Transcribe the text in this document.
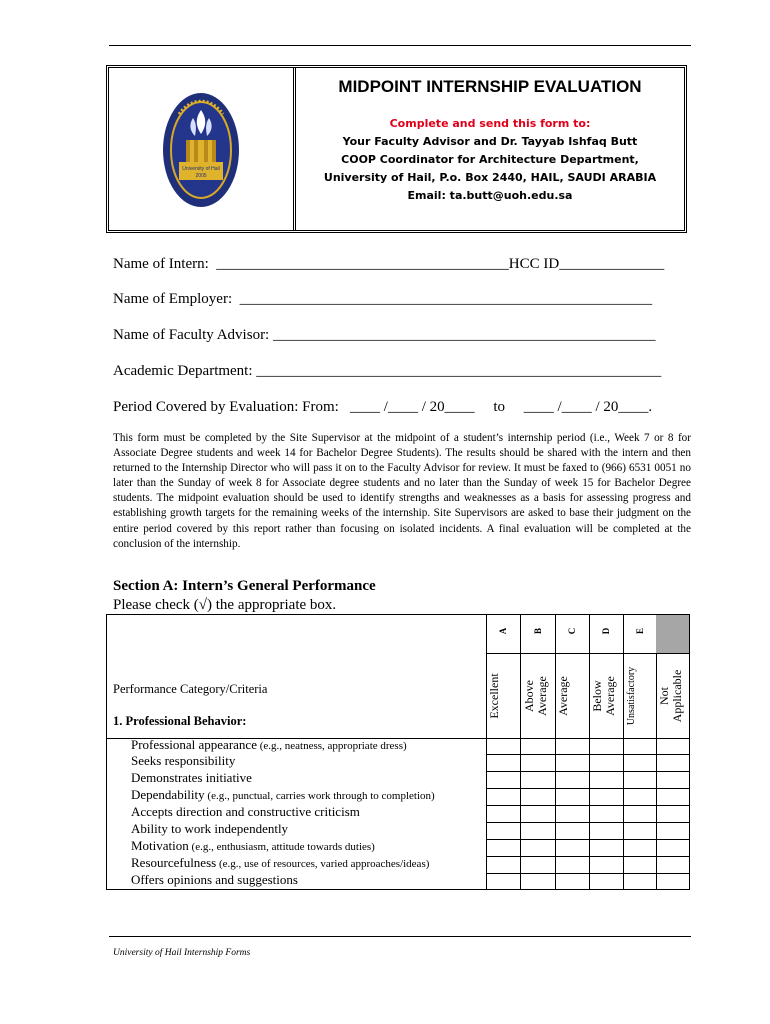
University of Hail
2005
MIDPOINT INTERNSHIP EVALUATION
Complete and send this form to:
Your Faculty Advisor and Dr. Tayyab Ishfaq Butt
COOP Coordinator for Architecture Department,
University of Hail, P.o. Box 2440, HAIL, SAUDI ARABIA
Email: ta.butt@uoh.edu.sa
Name of Intern:  _______________________________________HCC ID______________
Name of Employer:  _______________________________________________________
Name of Faculty Advisor: ___________________________________________________
Academic Department: ______________________________________________________
Period Covered by Evaluation: From:   ____ /____ / 20____     to     ____ /____ / 20____.
This form must be completed by the Site Supervisor at the midpoint of a student’s internship period (i.e., Week 7 or 8 for Associate Degree students and week 14 for Bachelor Degree Students). The results should be shared with the intern and then returned to the Internship Director who will pass it on to the Faculty Advisor for review. It must be faxed to (966) 6531 0051 no later than the Sunday of week 8 for Associate degree students and no later than the Sunday of week 15 for Bachelor Degree students. The midpoint evaluation should be used to identify strengths and weaknesses as a basis for assessing progress and establishing growth targets for the remaining weeks of the internship. Site Supervisors are asked to base their judgment on the entire period covered by this report rather than focusing on isolated incidents. A final evaluation will be completed at the conclusion of the internship.
Section A: Intern’s General Performance
Please check (√) the appropriate box.
Performance Category/Criteria
1. Professional Behavior:
A
Excellent
B
Above
Average
C
Average
D
Below
Average
E
Unsatisfactory	Not
Applicable
Professional appearance (e.g., neatness, appropriate dress)
Seeks responsibility
Demonstrates initiative
Dependability (e.g., punctual, carries work through to completion)
Accepts direction and constructive criticism
Ability to work independently
Motivation (e.g., enthusiasm, attitude towards duties)
Resourcefulness (e.g., use of resources, varied approaches/ideas)
Offers opinions and suggestions
University of Hail Internship Forms
